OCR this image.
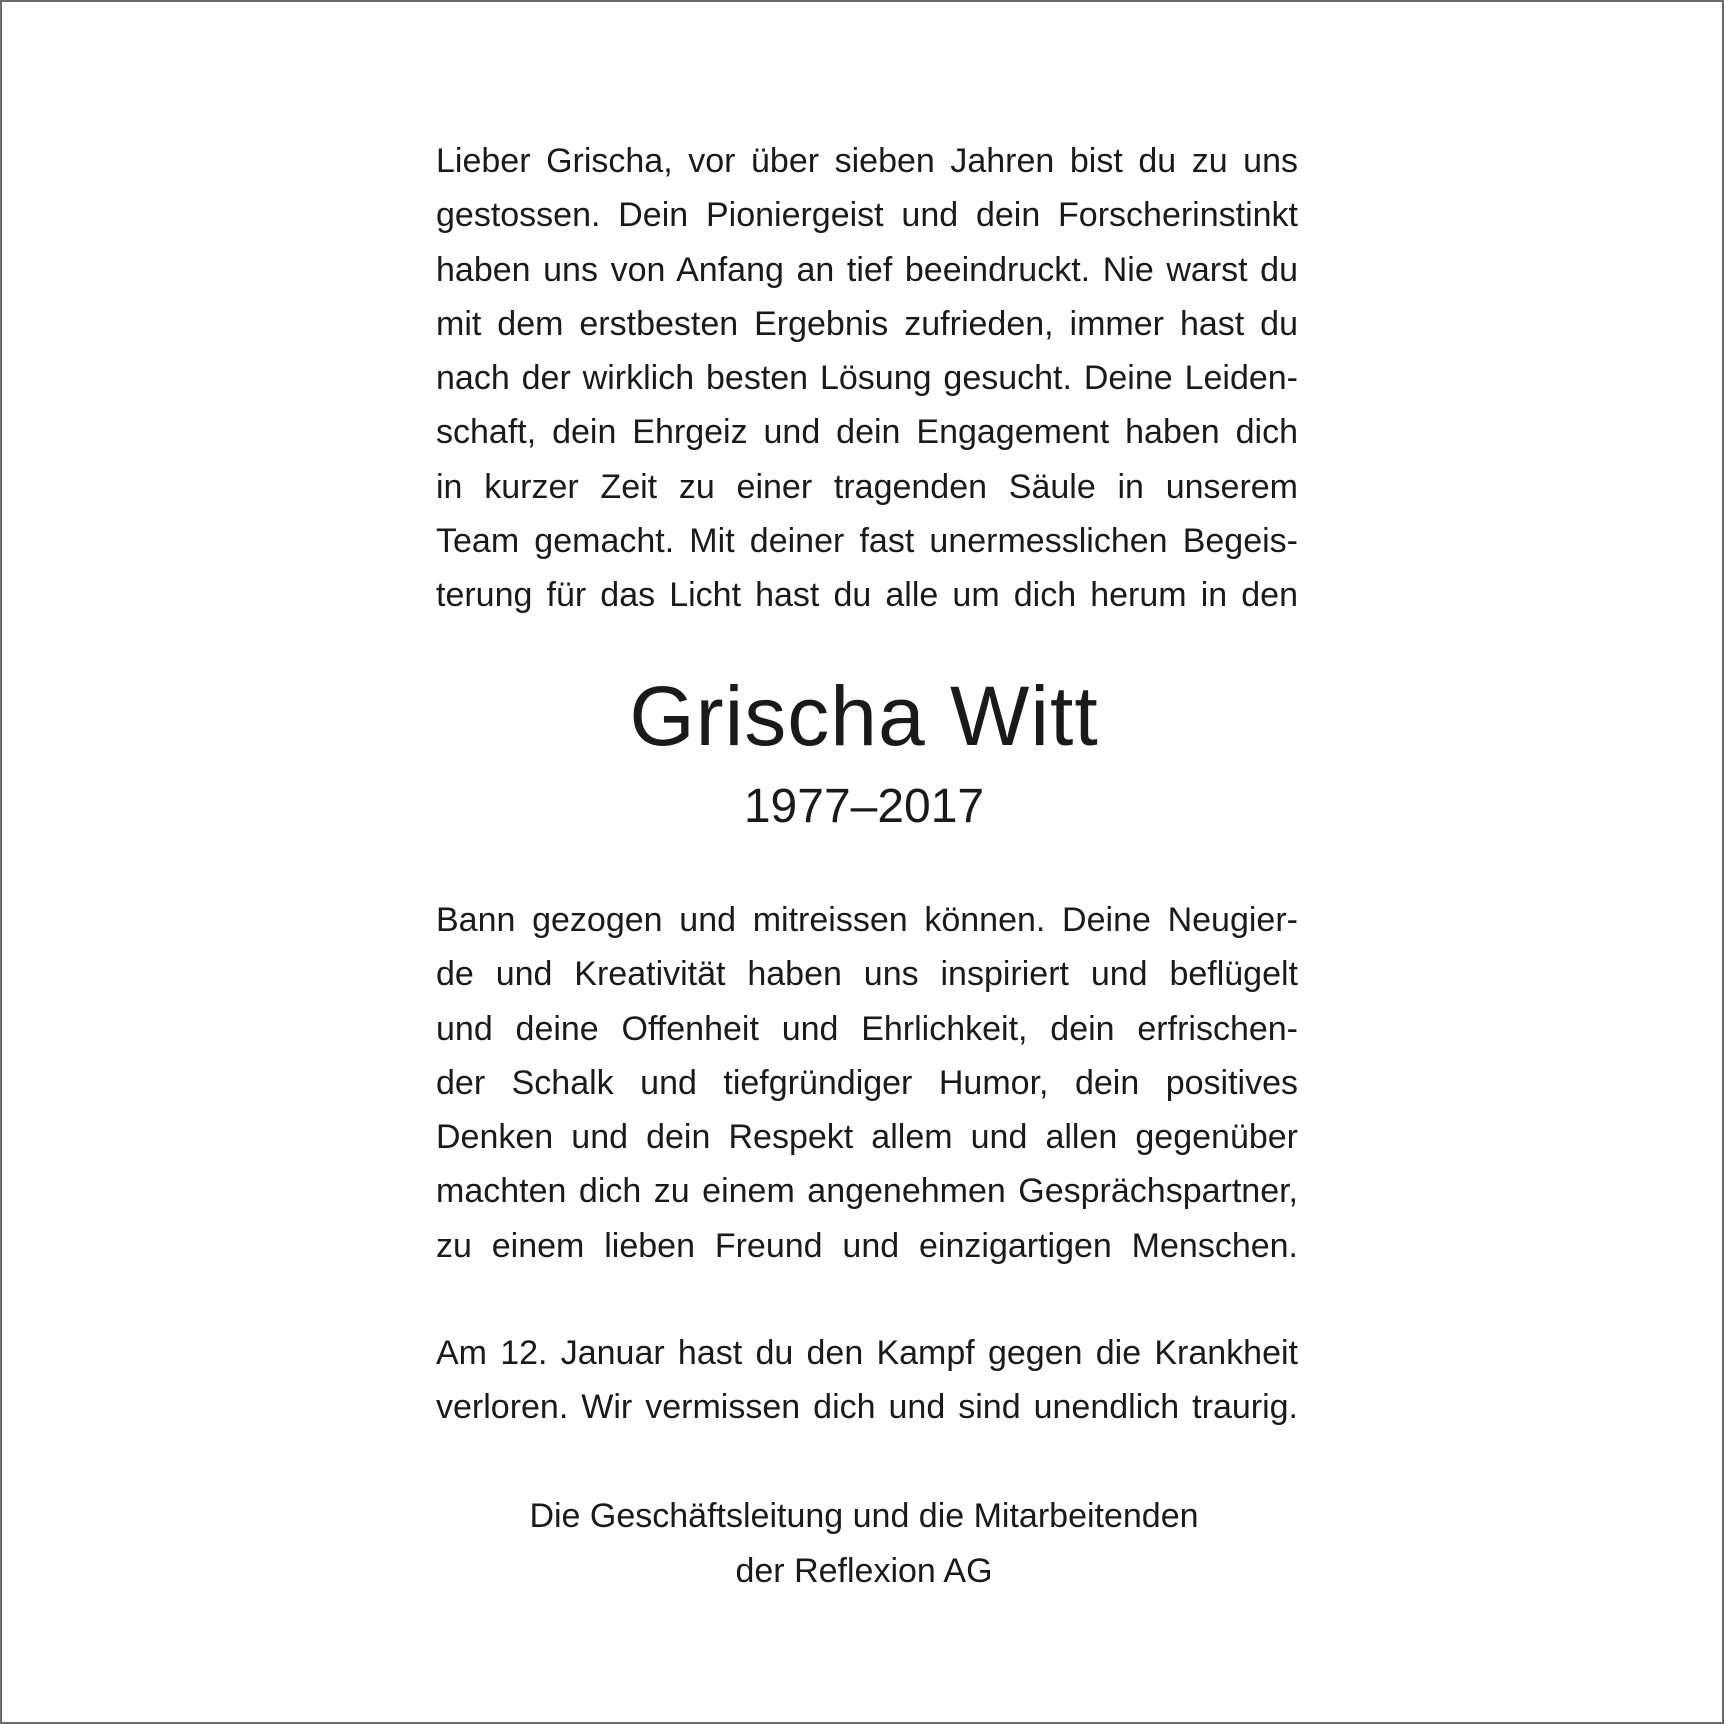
Lieber Grischa, vor über sieben Jahren bist du zu uns
gestossen. Dein Pioniergeist und dein Forscherinstinkt
haben uns von Anfang an tief beeindruckt. Nie warst du
mit dem erstbesten Ergebnis zufrieden, immer hast du
nach der wirklich besten Lösung gesucht. Deine Leiden-
schaft, dein Ehrgeiz und dein Engagement haben dich
in kurzer Zeit zu einer tragenden Säule in unserem
Team gemacht. Mit deiner fast unermesslichen Begeis-
terung für das Licht hast du alle um dich herum in den
Grischa Witt
1977–2017
Bann gezogen und mitreissen können. Deine Neugier-
de und Kreativität haben uns inspiriert und beflügelt
und deine Offenheit und Ehrlichkeit, dein erfrischen-
der Schalk und tiefgründiger Humor, dein positives
Denken und dein Respekt allem und allen gegenüber
machten dich zu einem angenehmen Gesprächspartner,
zu einem lieben Freund und einzigartigen Menschen.
Am 12. Januar hast du den Kampf gegen die Krankheit
verloren. Wir vermissen dich und sind unendlich traurig.
Die Geschäftsleitung und die Mitarbeitenden
der Reflexion AG
